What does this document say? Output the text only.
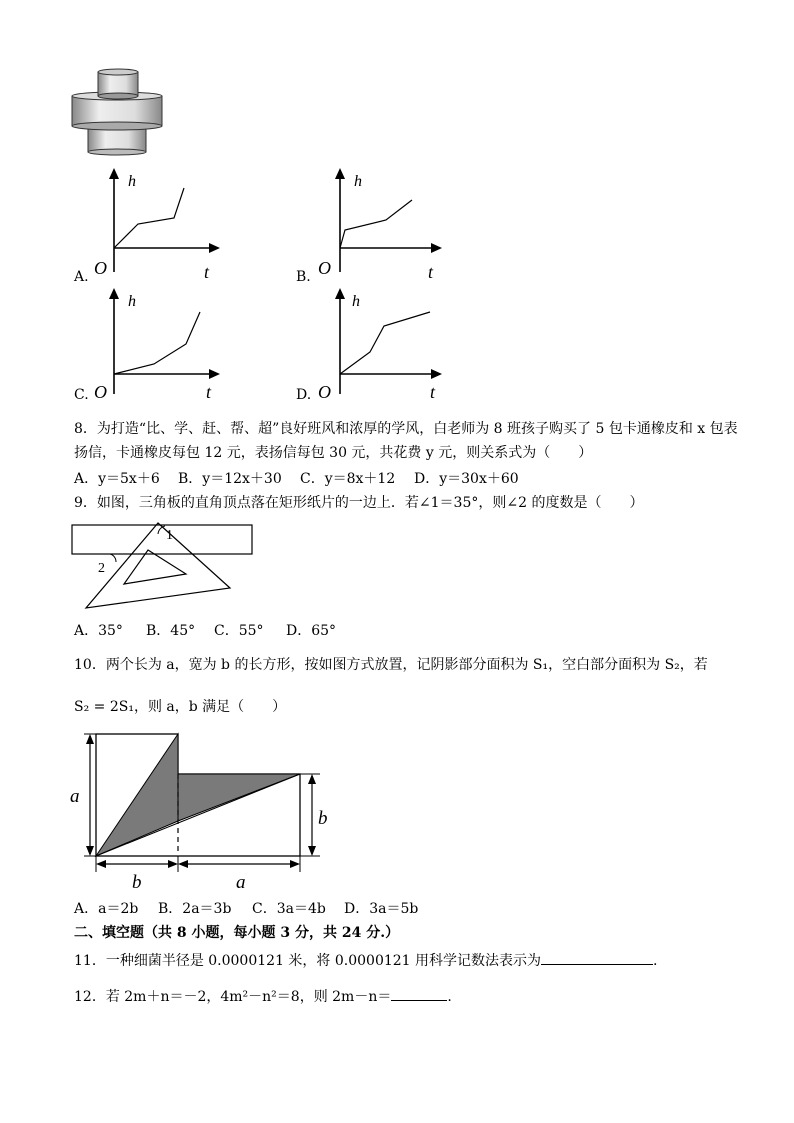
A.
h
O	t	B.
h
O	t
C.
h
O	t	D.
h
O	t
8．为打造“比、学、赶、帮、超”良好班风和浓厚的学风，白老师为 8 班孩子购买了 5 包卡通橡皮和 x 包表
扬信，卡通橡皮每包 12 元，表扬信每包 30 元，共花费 y 元，则关系式为（　　）
A．y＝5x＋6 B．y＝12x＋30 C．y＝8x＋12 D．y＝30x＋60
9．如图，三角板的直角顶点落在矩形纸片的一边上．若∠1＝35°，则∠2 的度数是（　　）
1
2
A．35° B．45° C．55° D．65°
10．两个长为 a，宽为 b 的长方形，按如图方式放置，记阴影部分面积为 S₁，空白部分面积为 S₂，若
S₂ = 2S₁，则 a，b 满足（　　）
a
b
b	a
A．a＝2b B．2a＝3b C．3a＝4b D．3a＝5b
二、填空题（共 8 小题，每小题 3 分，共 24 分.）
11．一种细菌半径是 0.0000121 米，将 0.0000121 用科学记数法表示为	.
12．若 2m＋n＝－2，4m²－n²＝8，则 2m－n＝	.
